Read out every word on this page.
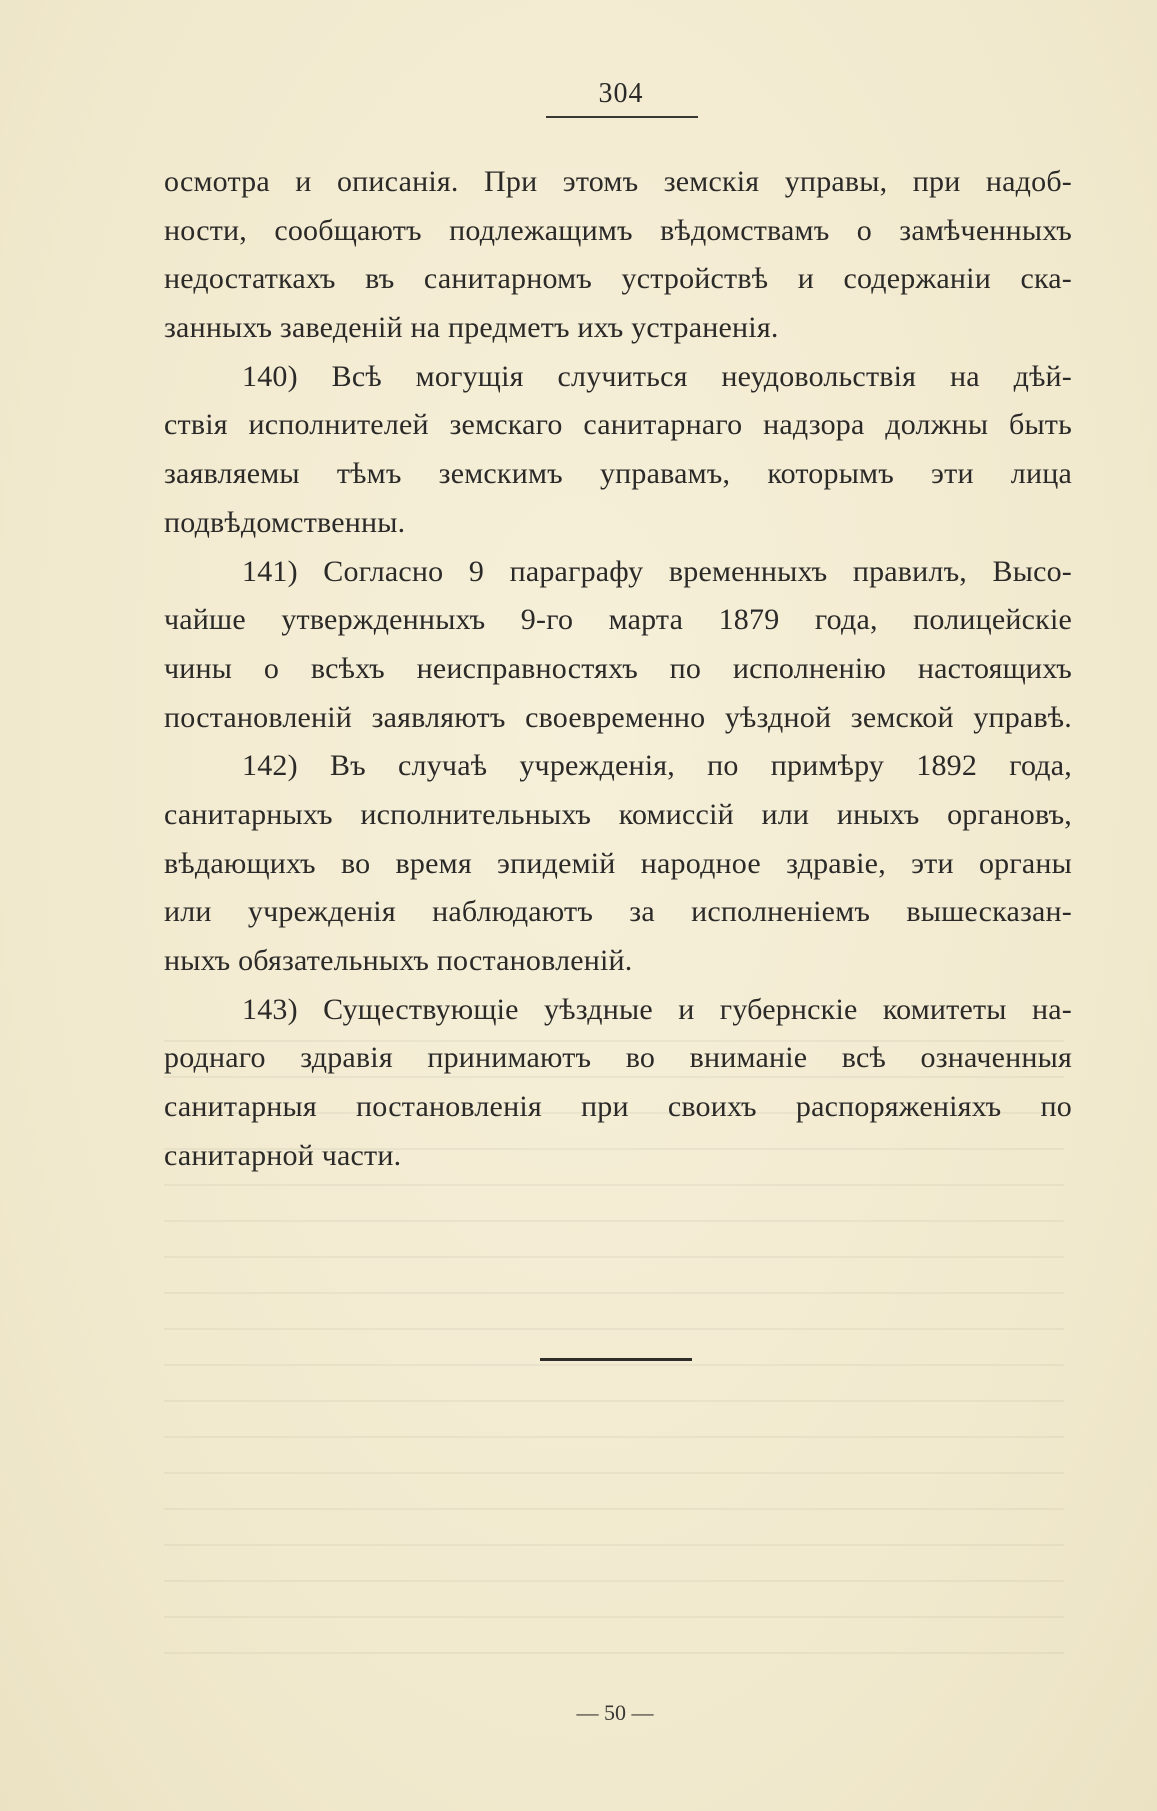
304
осмотра и описанія. При этомъ земскія управы, при надоб-
ности, сообщаютъ подлежащимъ вѣдомствамъ о замѣченныхъ
недостаткахъ въ санитарномъ устройствѣ и содержаніи ска-
занныхъ заведеній на предметъ ихъ устраненія.
140) Всѣ могущія случиться неудовольствія на дѣй-
ствія исполнителей земскаго санитарнаго надзора должны быть
заявляемы тѣмъ земскимъ управамъ, которымъ эти лица
подвѣдомственны.
141) Согласно 9 параграфу временныхъ правилъ, Высо-
чайше утвержденныхъ 9-го марта 1879 года, полицейскіе
чины о всѣхъ неисправностяхъ по исполненію настоящихъ
постановленій заявляютъ своевременно уѣздной земской управѣ.
142) Въ случаѣ учрежденія, по примѣру 1892 года,
санитарныхъ исполнительныхъ комиссій или иныхъ органовъ,
вѣдающихъ во время эпидемій народное здравіе, эти органы
или учрежденія наблюдаютъ за исполненіемъ вышесказан-
ныхъ обязательныхъ постановленій.
143) Существующіе уѣздные и губернскіе комитеты на-
роднаго здравія принимаютъ во вниманіе всѣ означенныя
санитарныя постановленія при своихъ распоряженіяхъ по
санитарной части.
— 50 —
